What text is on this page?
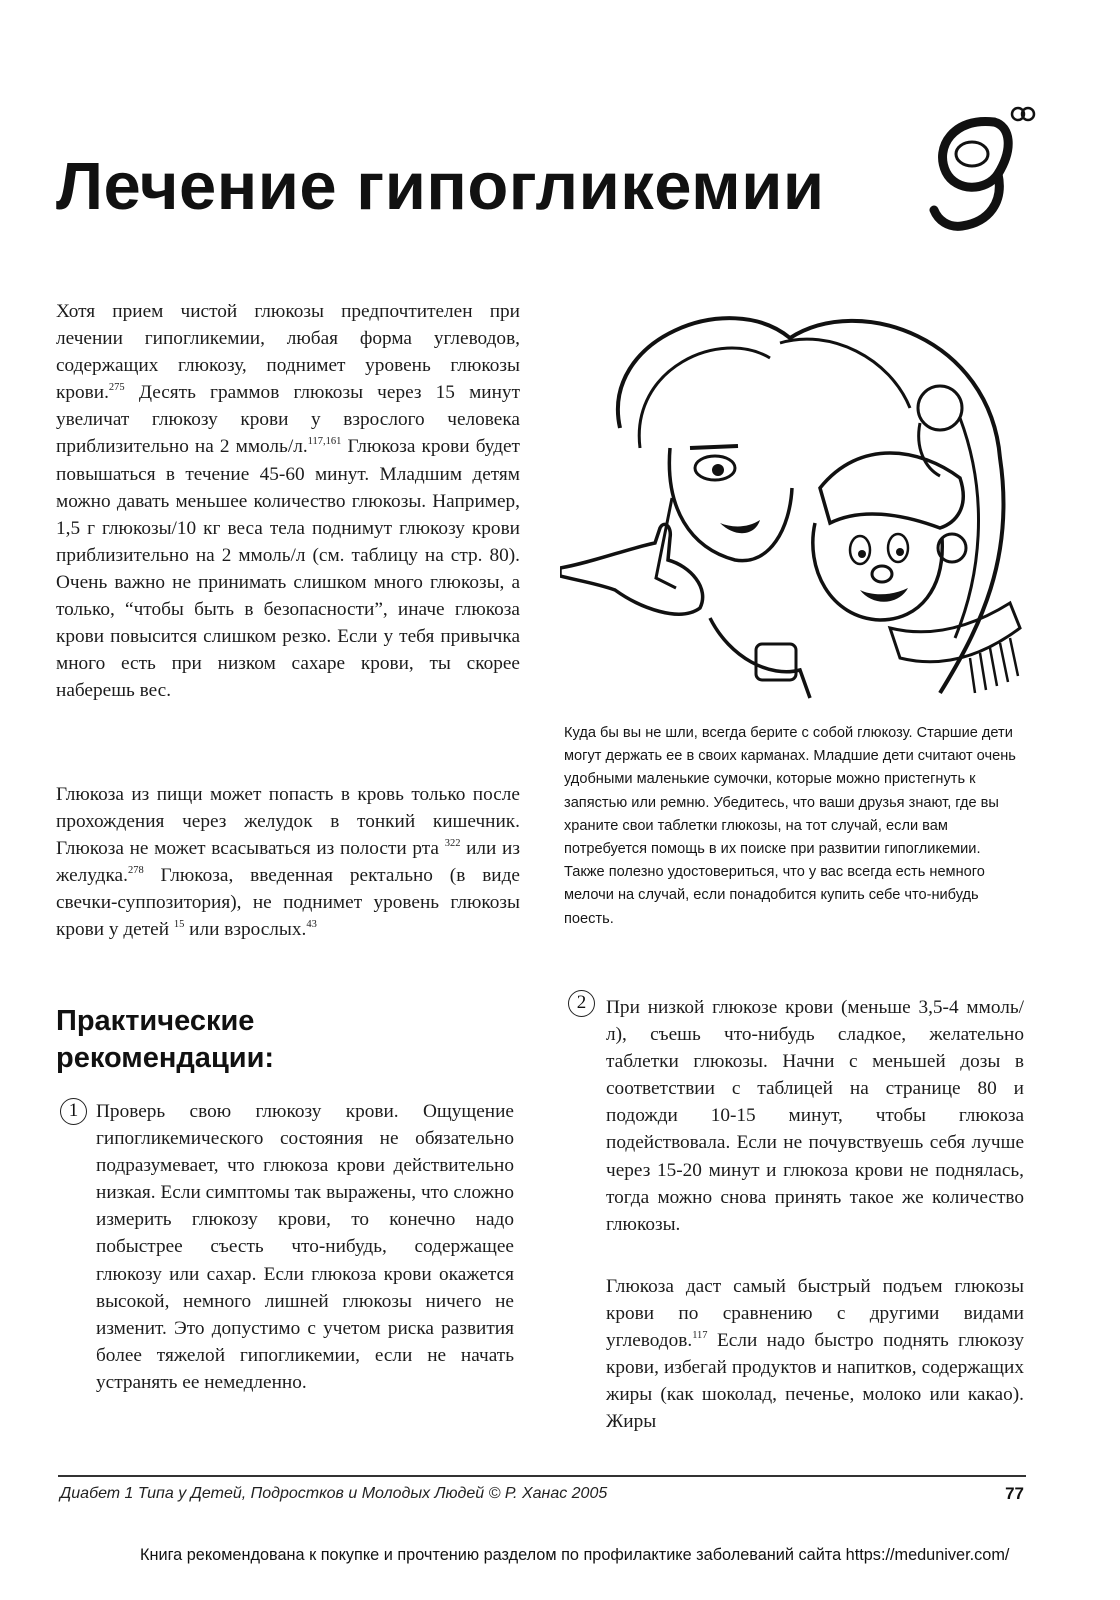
Лечение гипогликемии	9

Хотя прием чистой глюкозы предпочтителен при лечении гипогликемии, любая форма углеводов, содержащих глюкозу, поднимет уровень глюкозы крови.$^{275}$ Десять граммов глюкозы через 15 минут увеличат глюкозу крови у взрослого человека приблизительно на 2 ммоль/л.$^{117,161}$ Глюкоза крови будет повышаться в течение 45-60 минут. Младшим детям можно давать меньшее количество глюкозы. Например, 1,5 г глюкозы/10 кг веса тела поднимут глюкозу крови приблизительно на 2 ммоль/л (см. таблицу на стр. 80). Очень важно не принимать слишком много глюкозы, а только, “чтобы быть в безопасности”, иначе глюкоза крови повысится слишком резко. Если у тебя привычка много есть при низком сахаре крови, ты скорее наберешь вес.

Глюкоза из пищи может попасть в кровь только после прохождения через желудок в тонкий кишечник. Глюкоза не может всасываться из полости рта $^{322}$ или из желудка.$^{278}$ Глюкоза, введенная ректально (в виде свечки-суппозитория), не поднимет уровень глюкозы крови у детей $^{15}$ или взрослых.$^{43}$

Практические
рекомендации:
1 Проверь свою глюкозу крови. Ощущение гипогликемического состояния не обязательно подразумевает, что глюкоза крови действительно низкая. Если симптомы так выражены, что сложно измерить глюкозу крови, то конечно надо побыстрее съесть что-нибудь, содержащее глюкозу или сахар. Если глюкоза крови окажется высокой, немного лишней глюкозы ничего не изменит. Это допустимо с учетом риска развития более тяжелой гипогликемии, если не начать устранять ее немедленно.

Куда бы вы не шли, всегда берите с собой глюкозу. Старшие дети могут держать ее в своих карманах. Младшие дети считают очень удобными маленькие сумочки, которые можно пристегнуть к запястью или ремню. Убедитесь, что ваши друзья знают, где вы храните свои таблетки глюкозы, на тот случай, если вам потребуется помощь в их поиске при развитии гипогликемии. Также полезно удостовериться, что у вас всегда есть немного мелочи на случай, если понадобится купить себе что-нибудь поесть.

2	При низкой глюкозе крови (меньше 3,5-4 ммоль/л), съешь что-нибудь сладкое, желательно таблетки глюкозы. Начни с меньшей дозы в соответствии с таблицей на странице 80 и подожди 10-15 минут, чтобы глюкоза подействовала. Если не почувствуешь себя лучше через 15-20 минут и глюкоза крови не поднялась, тогда можно снова принять такое же количество глюкозы.

Глюкоза даст самый быстрый подъем глюкозы крови по сравнению с другими видами углеводов.$^{117}$ Если надо быстро поднять глюкозу крови, избегай продуктов и напитков, содержащих жиры (как шоколад, печенье, молоко или какао). Жиры

Диабет 1 Типа у Детей, Подростков и Молодых Людей © Р. Ханас 2005	77
Книга рекомендована к покупке и прочтению разделом по профилактике заболеваний сайта https://meduniver.com/
